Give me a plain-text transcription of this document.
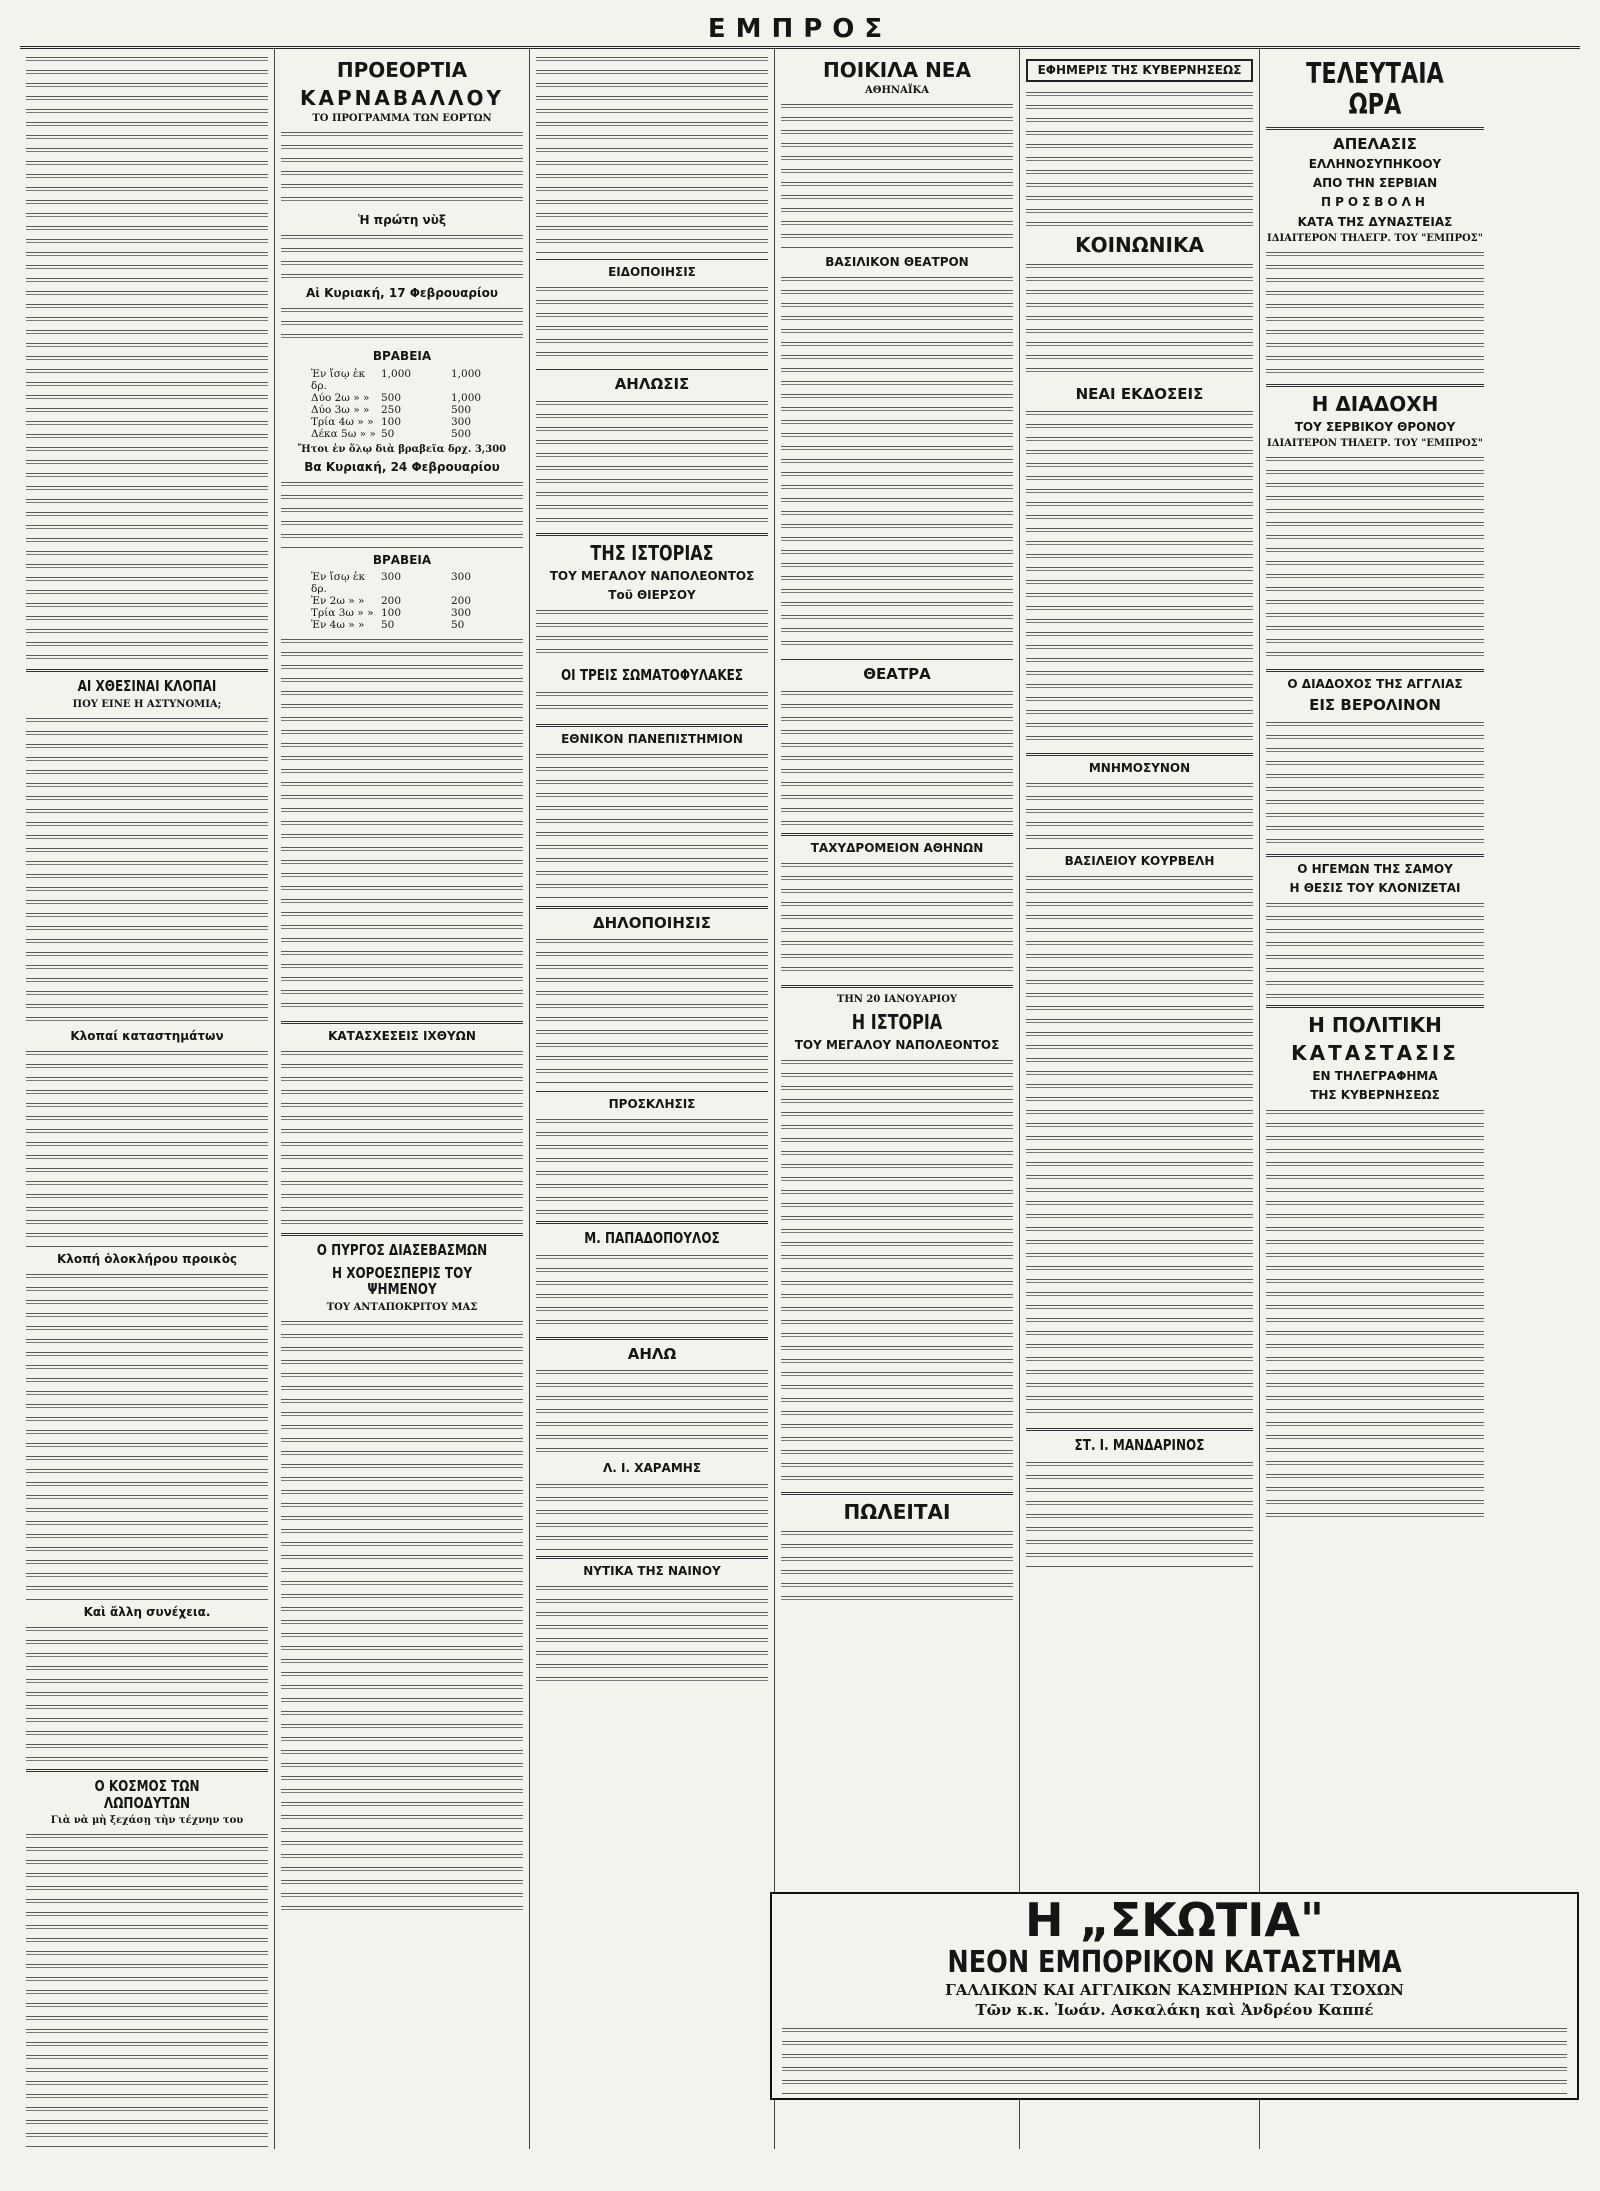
ΕΜΠΡΟΣ
ΑΙ ΧΘΕΣΙΝΑΙ ΚΛΟΠΑΙ
ΠΟΥ ΕΙΝΕ Η ΑΣΤΥΝΟΜΙΑ;
Κλοπαί καταστημάτων
Κλοπή ὁλοκλήρου προικὸς
Καὶ ἄλλη συνέχεια.
Ο ΚΟΣΜΟΣ ΤΩΝ ΛΩΠΟΔΥΤΩΝ
Γιὰ νὰ μὴ ξεχάσῃ τὴν τέχνην του
ΠΡΟΕΟΡΤΙΑ
ΚΑΡΝΑΒΑΛΛΟΥ
ΤΟ ΠΡΟΓΡΑΜΜΑ ΤΩΝ ΕΟΡΤΩΝ
Ἡ πρώτη νὺξ
Αἱ Κυριακή, 17 Φεβρουαρίου
ΒΡΑΒΕΙΑ
Ἐν ἴσῳ ἐκ δρ.
1,000	1,000
Δύο 2ω » »	500	1,000
Δύο 3ω » »	250	500
Τρία 4ω » » 100	300
Δέκα 5ω » » 50	500
Ἤτοι ἐν ὅλῳ διὰ βραβεῖα δρχ. 3,300
Βα Κυριακή, 24 Φεβρουαρίου
ΒΡΑΒΕΙΑ
Ἐν ἴσῳ ἐκ δρ.
300	300
Ἐν 2ω » »	200	200
Τρία 3ω » » 100	300
Ἐν 4ω » »	50	50
ΚΑΤΑΣΧΕΣΕΙΣ ΙΧΘΥΩΝ
Ο ΠΥΡΓΟΣ ΔΙΑΣΕΒΑΣΜΩΝ
Η ΧΟΡΟΕΣΠΕΡΙΣ ΤΟΥ ΨΗΜΕΝΟΥ
ΤΟΥ ΑΝΤΑΠΟΚΡΙΤΟΥ ΜΑΣ
ΕΙΔΟΠΟΙΗΣΙΣ
ΑΗΛΩΣΙΣ
ΤΗΣ ΙΣΤΟΡΙΑΣ
ΤΟΥ ΜΕΓΑΛΟΥ ΝΑΠΟΛΕΟΝΤΟΣ
Τοῦ ΘΙΕΡΣΟΥ
ΟΙ ΤΡΕΙΣ ΣΩΜΑΤΟΦΥΛΑΚΕΣ
ΕΘΝΙΚΟΝ ΠΑΝΕΠΙΣΤΗΜΙΟΝ
ΔΗΛΟΠΟΙΗΣΙΣ
ΠΡΟΣΚΛΗΣΙΣ
Μ. ΠΑΠΑΔΟΠΟΥΛΟΣ
ΑΗΛΩ
Λ. Ι. ΧΑΡΑΜΗΣ
ΝΥΤΙΚΑ ΤΗΣ ΝΑΙΝΟΥ
ΠΟΙΚΙΛΑ ΝΕΑ
ΑΘΗΝΑΪΚΑ
ΒΑΣΙΛΙΚΟΝ ΘΕΑΤΡΟΝ
ΘΕΑΤΡΑ
ΤΑΧΥΔΡΟΜΕΙΟΝ ΑΘΗΝΩΝ
ΤΗΝ 20 ΙΑΝΟΥΑΡΙΟΥ
Η ΙΣΤΟΡΙΑ
ΤΟΥ ΜΕΓΑΛΟΥ ΝΑΠΟΛΕΟΝΤΟΣ
ΠΩΛΕΙΤΑΙ
ΕΦΗΜΕΡΙΣ ΤΗΣ ΚΥΒΕΡΝΗΣΕΩΣ
ΚΟΙΝΩΝΙΚΑ
ΝΕΑΙ ΕΚΔΟΣΕΙΣ
ΜΝΗΜΟΣΥΝΟΝ
ΒΑΣΙΛΕΙΟΥ ΚΟΥΡΒΕΛΗ
ΣΤ. Ι. ΜΑΝΔΑΡΙΝΟΣ
ΤΕΛΕΥΤΑΙΑ ΩΡΑ
ΑΠΕΛΑΣΙΣ
ΕΛΛΗΝΟΣΥΠΗΚΟΟΥ
ΑΠΟ ΤΗΝ ΣΕΡΒΙΑΝ
ΠΡΟΣΒΟΛΗ
ΚΑΤΑ ΤΗΣ ΔΥΝΑΣΤΕΙΑΣ
ΙΔΙΑΙΤΕΡΟΝ ΤΗΛΕΓΡ. ΤΟΥ "ΕΜΠΡΟΣ"
Η ΔΙΑΔΟΧΗ
ΤΟΥ ΣΕΡΒΙΚΟΥ ΘΡΟΝΟΥ
ΙΔΙΑΙΤΕΡΟΝ ΤΗΛΕΓΡ. ΤΟΥ "ΕΜΠΡΟΣ"
Ο ΔΙΑΔΟΧΟΣ ΤΗΣ ΑΓΓΛΙΑΣ
ΕΙΣ ΒΕΡΟΛΙΝΟΝ
Ο ΗΓΕΜΩΝ ΤΗΣ ΣΑΜΟΥ
Η ΘΕΣΙΣ ΤΟΥ ΚΛΟΝΙΖΕΤΑΙ
Η ΠΟΛΙΤΙΚΗ
ΚΑΤΑΣΤΑΣΙΣ
ΕΝ ΤΗΛΕΓΡΑΦΗΜΑ
ΤΗΣ ΚΥΒΕΡΝΗΣΕΩΣ
Η „ΣΚΩΤΙΑ"
ΝΕΟΝ ΕΜΠΟΡΙΚΟΝ ΚΑΤΑΣΤΗΜΑ
ΓΑΛΛΙΚΩΝ ΚΑΙ ΑΓΓΛΙΚΩΝ ΚΑΣΜΗΡΙΩΝ ΚΑΙ ΤΣΟΧΩΝ
Τῶν κ.κ. Ἰωάν. Ασκαλάκη καὶ Ἀνδρέου Καππέ
